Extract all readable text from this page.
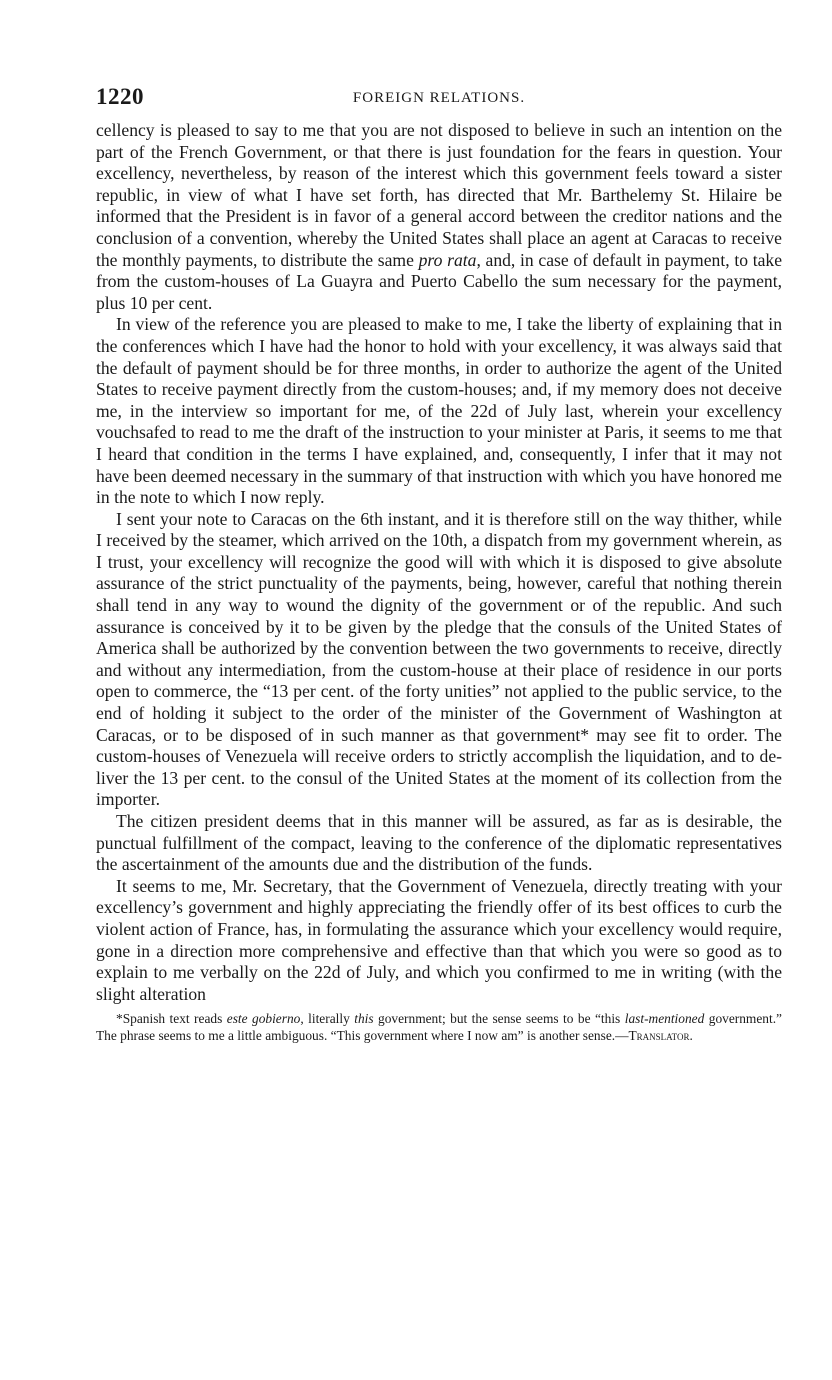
1220	FOREIGN RELATIONS.

cellency is pleased to say to me that you are not disposed to believe in such an intention on the part of the French Government, or that there is just foundation for the fears in question. Your excellency, nevertheless, by reason of the interest which this government feels toward a sister republic, in view of what I have set forth, has directed that Mr. Barthelemy St. Hilaire be informed that the President is in favor of a general accord between the creditor nations and the conclusion of a convention, whereby the United States shall place an agent at Caracas to receive the monthly payments, to distribute the same pro rata, and, in case of default in payment, to take from the custom-houses of La Guayra and Puerto Cabello the sum necessary for the payment, plus 10 per cent.

In view of the reference you are pleased to make to me, I take the liberty of explaining that in the conferences which I have had the honor to hold with your excellency, it was always said that the default of payment should be for three months, in order to authorize the agent of the United States to receive payment directly from the custom-houses; and, if my memory does not deceive me, in the interview so important for me, of the 22d of July last, wherein your excellency vouchsafed to read to me the draft of the instruction to your minister at Paris, it seems to me that I heard that condition in the terms I have explained, and, consequently, I infer that it may not have been deemed necessary in the summary of that instruction with which you have honored me in the note to which I now reply.

I sent your note to Caracas on the 6th instant, and it is therefore still on the way thither, while I received by the steamer, which arrived on the 10th, a dispatch from my government wherein, as I trust, your excellency will recognize the good will with which it is disposed to give absolute assurance of the strict punctuality of the payments, being, however, careful that nothing therein shall tend in any way to wound the dignity of the government or of the republic. And such assurance is conceived by it to be given by the pledge that the consuls of the United States of America shall be authorized by the convention between the two governments to receive, directly and without any intermediation, from the custom-house at their place of residence in our ports open to commerce, the “13 per cent. of the forty unities” not applied to the public service, to the end of holding it subject to the order of the minister of the Government of Washington at Caracas, or to be disposed of in such manner as that government* may see fit to order. The custom-houses of Venezuela will receive orders to strictly accomplish the liquidation, and to deliver the 13 per cent. to the consul of the United States at the moment of its collection from the importer.

The citizen president deems that in this manner will be assured, as far as is desirable, the punctual fulfillment of the compact, leaving to the conference of the diplomatic representatives the ascertainment of the amounts due and the distribution of the funds.

It seems to me, Mr. Secretary, that the Government of Venezuela, directly treating with your excellency’s government and highly appreciating the friendly offer of its best offices to curb the violent action of France, has, in formulating the assurance which your excellency would require, gone in a direction more comprehensive and effective than that which you were so good as to explain to me verbally on the 22d of July, and which you confirmed to me in writing (with the slight alteration

*Spanish text reads este gobierno, literally this government; but the sense seems to be “this last-mentioned government.” The phrase seems to me a little ambiguous. “This government where I now am” is another sense.—Translator.
